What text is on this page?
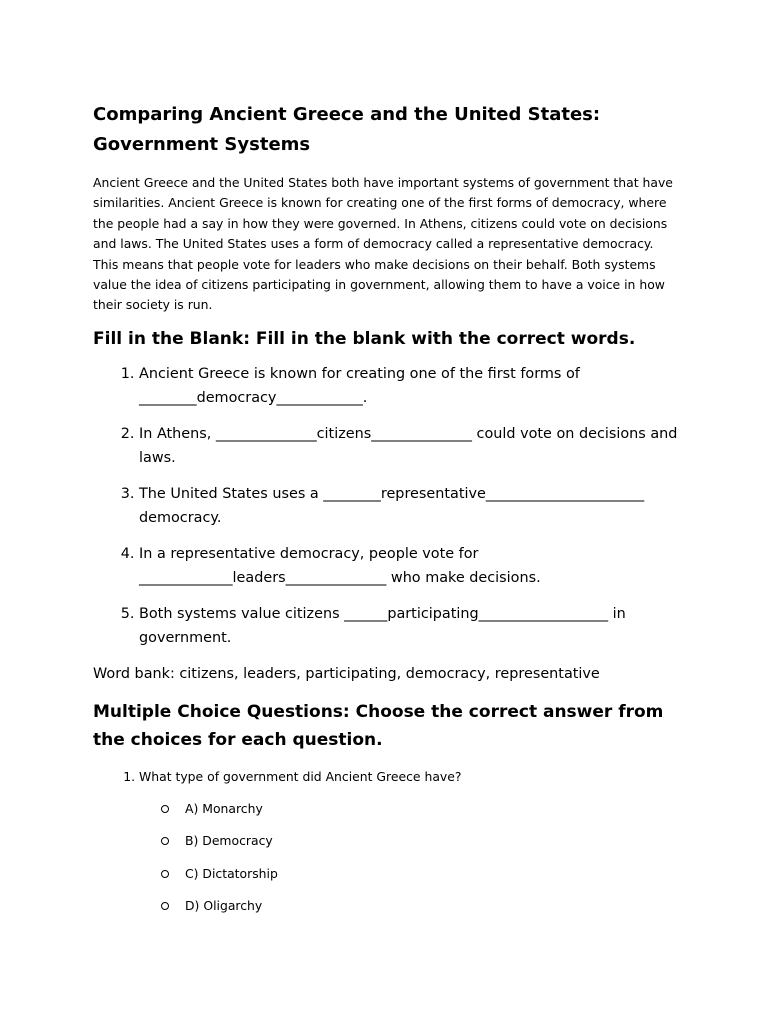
Comparing Ancient Greece and the United States: Government Systems

Ancient Greece and the United States both have important systems of government that have similarities. Ancient Greece is known for creating one of the first forms of democracy, where the people had a say in how they were governed. In Athens, citizens could vote on decisions and laws. The United States uses a form of democracy called a representative democracy. This means that people vote for leaders who make decisions on their behalf. Both systems value the idea of citizens participating in government, allowing them to have a voice in how their society is run.

Fill in the Blank: Fill in the blank with the correct words.
1. Ancient Greece is known for creating one of the first forms of ________democracy____________.
2. In Athens, ______________citizens______________ could vote on decisions and laws.
3. The United States uses a ________representative______________________ democracy.
4. In a representative democracy, people vote for _____________leaders______________ who make decisions.
5. Both systems value citizens ______participating__________________ in government.

Word bank: citizens, leaders, participating, democracy, representative

Multiple Choice Questions: Choose the correct answer from the choices for each question.
1. What type of government did Ancient Greece have?
A) Monarchy
B) Democracy
C) Dictatorship
D) Oligarchy
